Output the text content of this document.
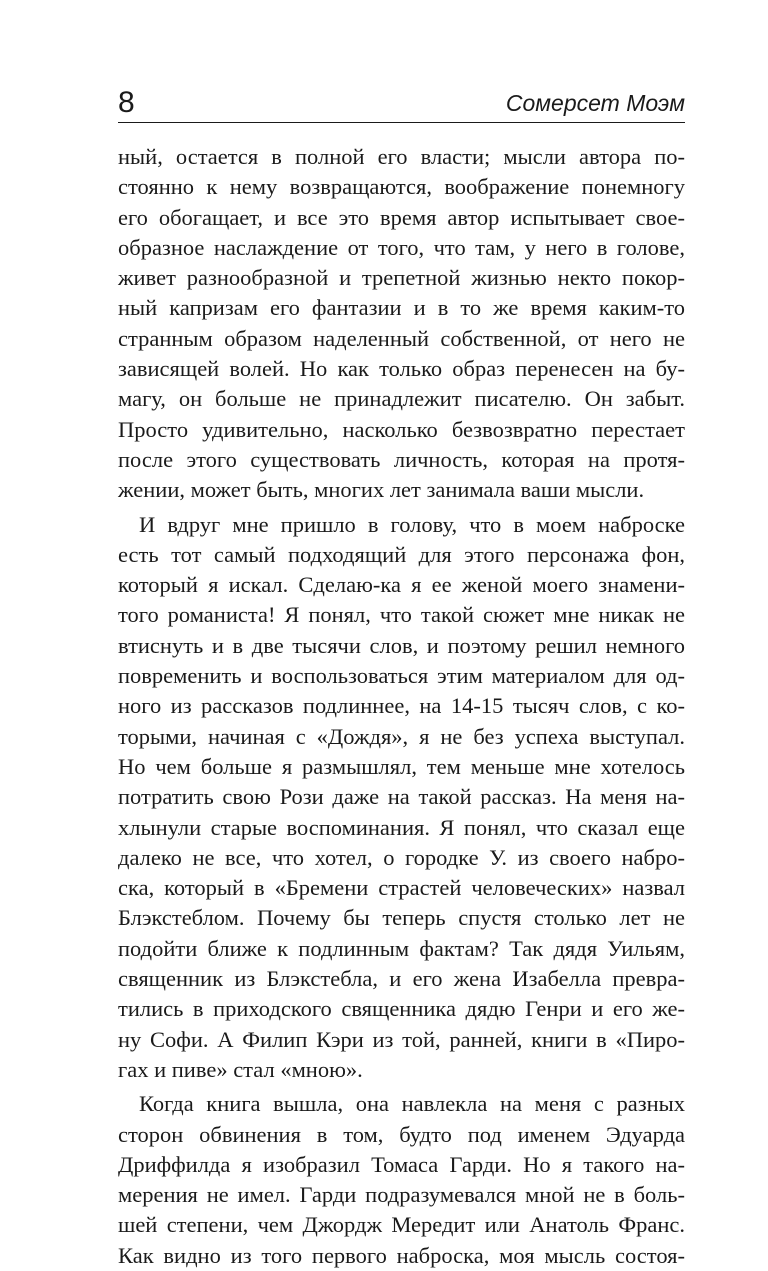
8	Сомерсет Моэм
ный, остается в полной его власти; мысли автора по-
стоянно к нему возвращаются, воображение понемногу
его обогащает, и все это время автор испытывает свое-
образное наслаждение от того, что там, у него в голове,
живет разнообразной и трепетной жизнью некто покор-
ный капризам его фантазии и в то же время каким-то
странным образом наделенный собственной, от него не
зависящей волей. Но как только образ перенесен на бу-
магу, он больше не принадлежит писателю. Он забыт.
Просто удивительно, насколько безвозвратно перестает
после этого существовать личность, которая на протя-
жении, может быть, многих лет занимала ваши мысли.
И вдруг мне пришло в голову, что в моем наброске
есть тот самый подходящий для этого персонажа фон,
который я искал. Сделаю-ка я ее женой моего знамени-
того романиста! Я понял, что такой сюжет мне никак не
втиснуть и в две тысячи слов, и поэтому решил немного
повременить и воспользоваться этим материалом для од-
ного из рассказов подлиннее, на 14-15 тысяч слов, с ко-
торыми, начиная с «Дождя», я не без успеха выступал.
Но чем больше я размышлял, тем меньше мне хотелось
потратить свою Рози даже на такой рассказ. На меня на-
хлынули старые воспоминания. Я понял, что сказал еще
далеко не все, что хотел, о городке У. из своего набро-
ска, который в «Бремени страстей человеческих» назвал
Блэкстеблом. Почему бы теперь спустя столько лет не
подойти ближе к подлинным фактам? Так дядя Уильям,
священник из Блэкстебла, и его жена Изабелла превра-
тились в приходского священника дядю Генри и его же-
ну Софи. А Филип Кэри из той, ранней, книги в «Пиро-
гах и пиве» стал «мною».
Когда книга вышла, она навлекла на меня с разных
сторон обвинения в том, будто под именем Эдуарда
Дриффилда я изобразил Томаса Гарди. Но я такого на-
мерения не имел. Гарди подразумевался мной не в боль-
шей степени, чем Джордж Мередит или Анатоль Франс.
Как видно из того первого наброска, моя мысль состоя-
